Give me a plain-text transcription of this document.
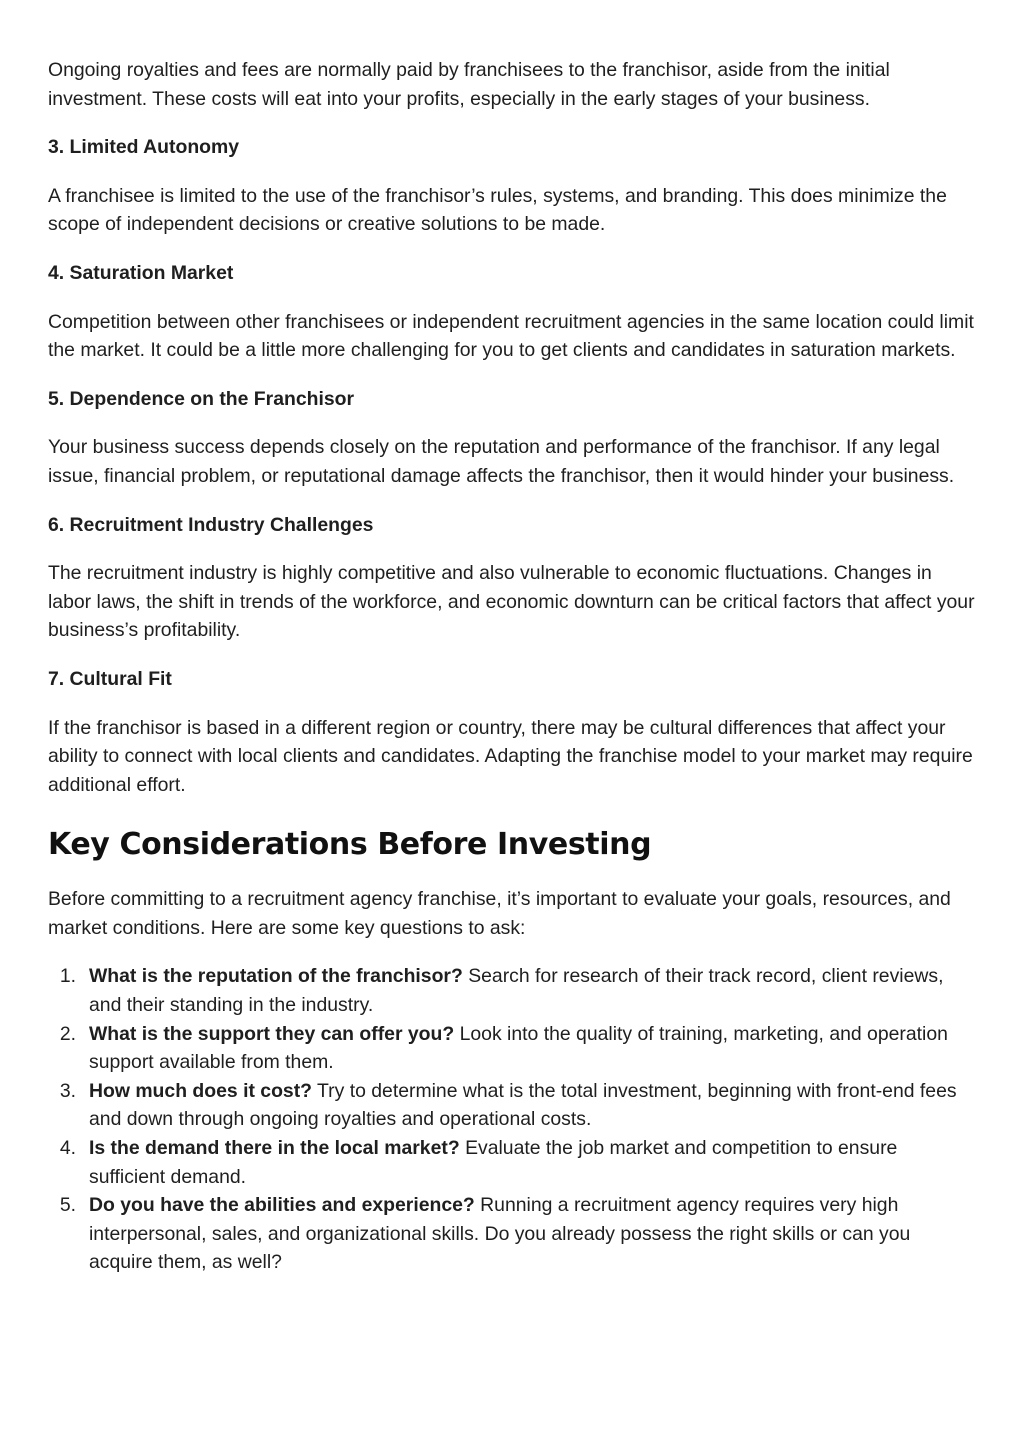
Ongoing royalties and fees are normally paid by franchisees to the franchisor, aside from the initial investment. These costs will eat into your profits, especially in the early stages of your business.

3. Limited Autonomy

A franchisee is limited to the use of the franchisor’s rules, systems, and branding. This does minimize the scope of independent decisions or creative solutions to be made.

4. Saturation Market

Competition between other franchisees or independent recruitment agencies in the same location could limit the market. It could be a little more challenging for you to get clients and candidates in saturation markets.

5. Dependence on the Franchisor

Your business success depends closely on the reputation and performance of the franchisor. If any legal issue, financial problem, or reputational damage affects the franchisor, then it would hinder your business.

6. Recruitment Industry Challenges

The recruitment industry is highly competitive and also vulnerable to economic fluctuations. Changes in labor laws, the shift in trends of the workforce, and economic downturn can be critical factors that affect your business’s profitability.

7. Cultural Fit

If the franchisor is based in a different region or country, there may be cultural differences that affect your ability to connect with local clients and candidates. Adapting the franchise model to your market may require additional effort.

Key Considerations Before Investing

Before committing to a recruitment agency franchise, it’s important to evaluate your goals, resources, and market conditions. Here are some key questions to ask:

1. What is the reputation of the franchisor? Search for research of their track record, client reviews, and their standing in the industry.
2. What is the support they can offer you? Look into the quality of training, marketing, and operation support available from them.
3. How much does it cost? Try to determine what is the total investment, beginning with front-end fees and down through ongoing royalties and operational costs.
4. Is the demand there in the local market? Evaluate the job market and competition to ensure sufficient demand.
5. Do you have the abilities and experience? Running a recruitment agency requires very high interpersonal, sales, and organizational skills. Do you already possess the right skills or can you acquire them, as well?
